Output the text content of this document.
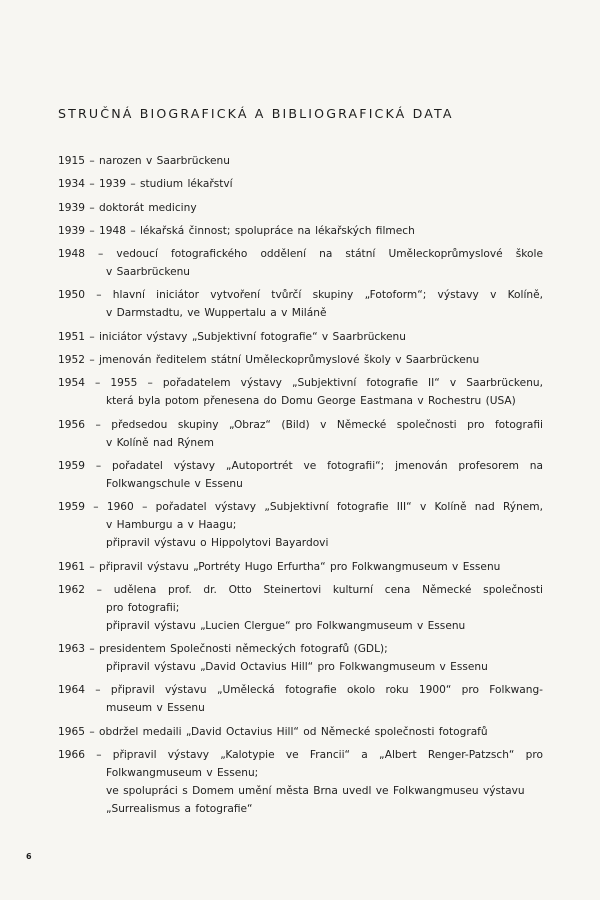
STRUČNÁ BIOGRAFICKÁ A BIBLIOGRAFICKÁ DATA
1915 – narozen v Saarbrückenu
1934 – 1939 – studium lékařství
1939 – doktorát mediciny
1939 – 1948 – lékařská činnost; spolupráce na lékařských filmech
1948 – vedoucí fotografického oddělení na státní Uměleckoprůmyslové škole
v Saarbrückenu
1950 – hlavní iniciátor vytvoření tvůrčí skupiny „Fotoform“; výstavy v Kolíně,
v Darmstadtu, ve Wuppertalu a v Miláně
1951 – iniciátor výstavy „Subjektivní fotografie“ v Saarbrückenu
1952 – jmenován ředitelem státní Uměleckoprůmyslové školy v Saarbrückenu
1954 – 1955 – pořadatelem výstavy „Subjektivní fotografie II“ v Saarbrückenu,
která byla potom přenesena do Domu George Eastmana v Rochestru (USA)
1956 – předsedou skupiny „Obraz“ (Bild) v Německé společnosti pro fotografii
v Kolíně nad Rýnem
1959 – pořadatel výstavy „Autoportrét ve fotografii“; jmenován profesorem na
Folkwangschule v Essenu
1959 – 1960 – pořadatel výstavy „Subjektivní fotografie III“ v Kolíně nad Rýnem,
v Hamburgu a v Haagu;
připravil výstavu o Hippolytovi Bayardovi
1961 – připravil výstavu „Portréty Hugo Erfurtha“ pro Folkwangmuseum v Essenu
1962 – udělena prof. dr. Otto Steinertovi kulturní cena Německé společnosti
pro fotografii;
připravil výstavu „Lucien Clergue“ pro Folkwangmuseum v Essenu
1963 – presidentem Společnosti německých fotografů (GDL);
připravil výstavu „David Octavius Hill“ pro Folkwangmuseum v Essenu
1964 – připravil výstavu „Umělecká fotografie okolo roku 1900“ pro Folkwang-
museum v Essenu
1965 – obdržel medaili „David Octavius Hill“ od Německé společnosti fotografů
1966 – připravil výstavy „Kalotypie ve Francii“ a „Albert Renger-Patzsch“ pro
Folkwangmuseum v Essenu;
ve spolupráci s Domem umění města Brna uvedl ve Folkwangmuseu výstavu
„Surrealismus a fotografie“
6
